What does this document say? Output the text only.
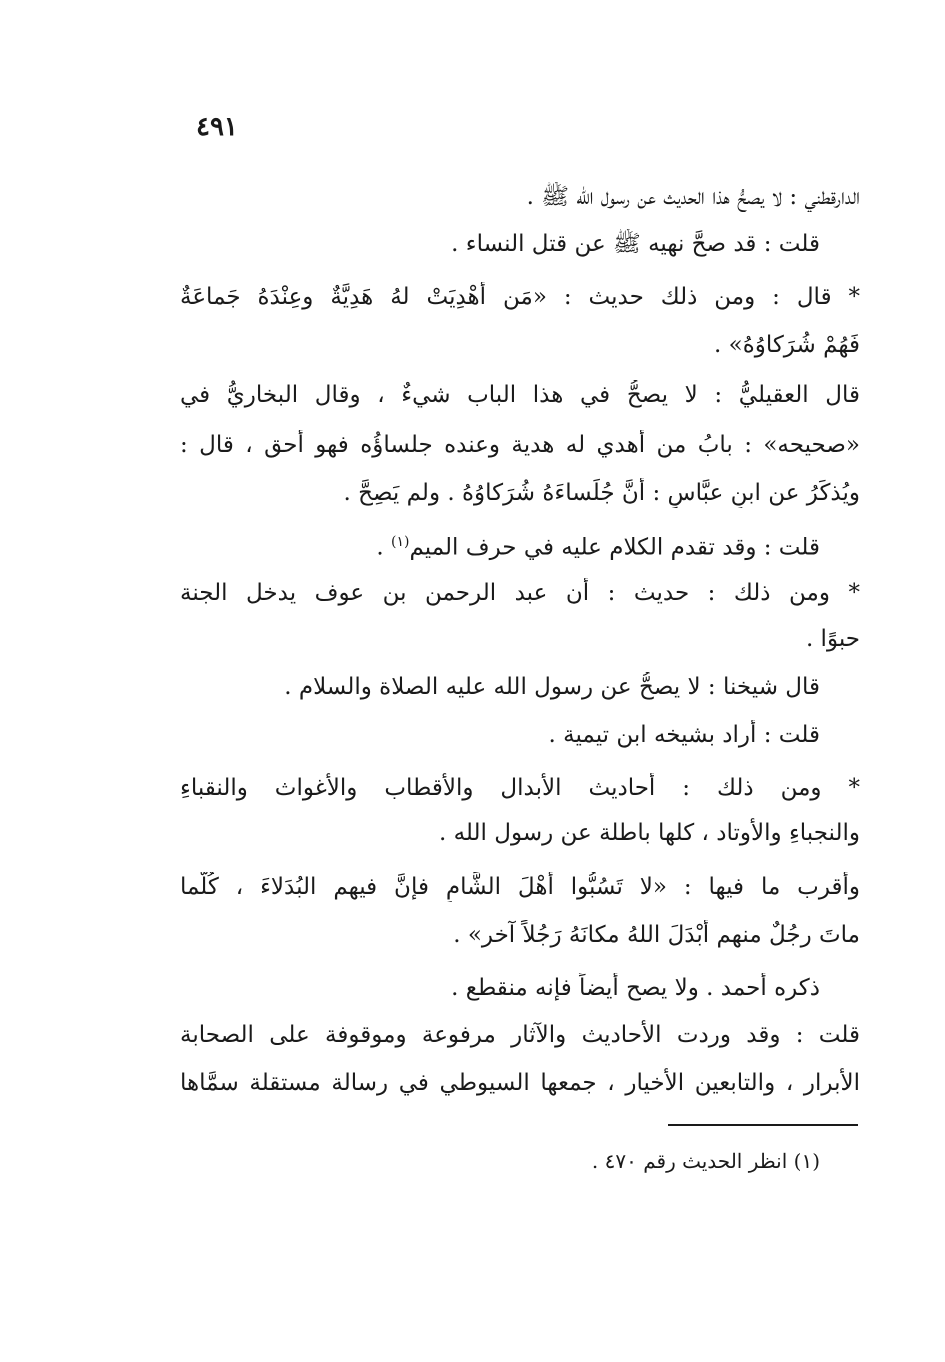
٤٩١
الدارقطني : لا يصحُّ هذا الحديث عن رسول الله ﷺ .
قلت : قد صحَّ نهيه ﷺ عن قتل النساء .
* قال : ومن ذلك حديث : «مَن أُهْدِيَتْ لهُ هَدِيَّةٌ وعِنْدَهُ جَماعَةٌ
فَهُمْ شُرَكاوُهُ» .
قال العقيليُّ : لا يصحُّ في هذا الباب شيءٌ ، وقال البخاريُّ في
«صحيحه» : بابُ من أهدي له هدية وعنده جلساؤُه فهو أحق ، قال :
ويُذكَرُ عن ابنِ عبَّاسٍ : أَنَّ جُلَساءَهُ شُرَكاوُهُ . ولم يَصِحَّ .
قلت : وقد تقدم الكلام عليه في حرف الميم$^{(١)}$ .
* ومن ذلك : حديث : أَن عبد الرحمن بن عوف يدخل الجنة
حبوًا .
قال شيخنا : لا يصحُّ عن رسول الله عليه الصلاة والسلام .
قلت : أَراد بشيخه ابن تيمية .
* ومن ذلك : أَحاديث الأَبدال والأَقطاب والأَغواث والنقباءِ
والنجباءِ والأَوتاد ، كلها باطلة عن رسول الله .
وأَقرب ما فيها : «لا تَسُبُّوا أَهْلَ الشَّامِ فإنَّ فيهم البُدَلاءَ ، كُلَّما
ماتَ رجُلٌ منهم أَبْدَلَ اللهُ مكانَهُ رَجُلاً آخر» .
ذكره أحمد . ولا يصح أيضاً فإنه منقطع .
قلت : وقد وردت الأَحاديث والآثار مرفوعة وموقوفة على الصحابة
الأَبرار ، والتابعين الأَخيار ، جمعها السيوطي في رسالة مستقلة سمَّاها
(١) انظر الحديث رقم ٤٧٠ .
